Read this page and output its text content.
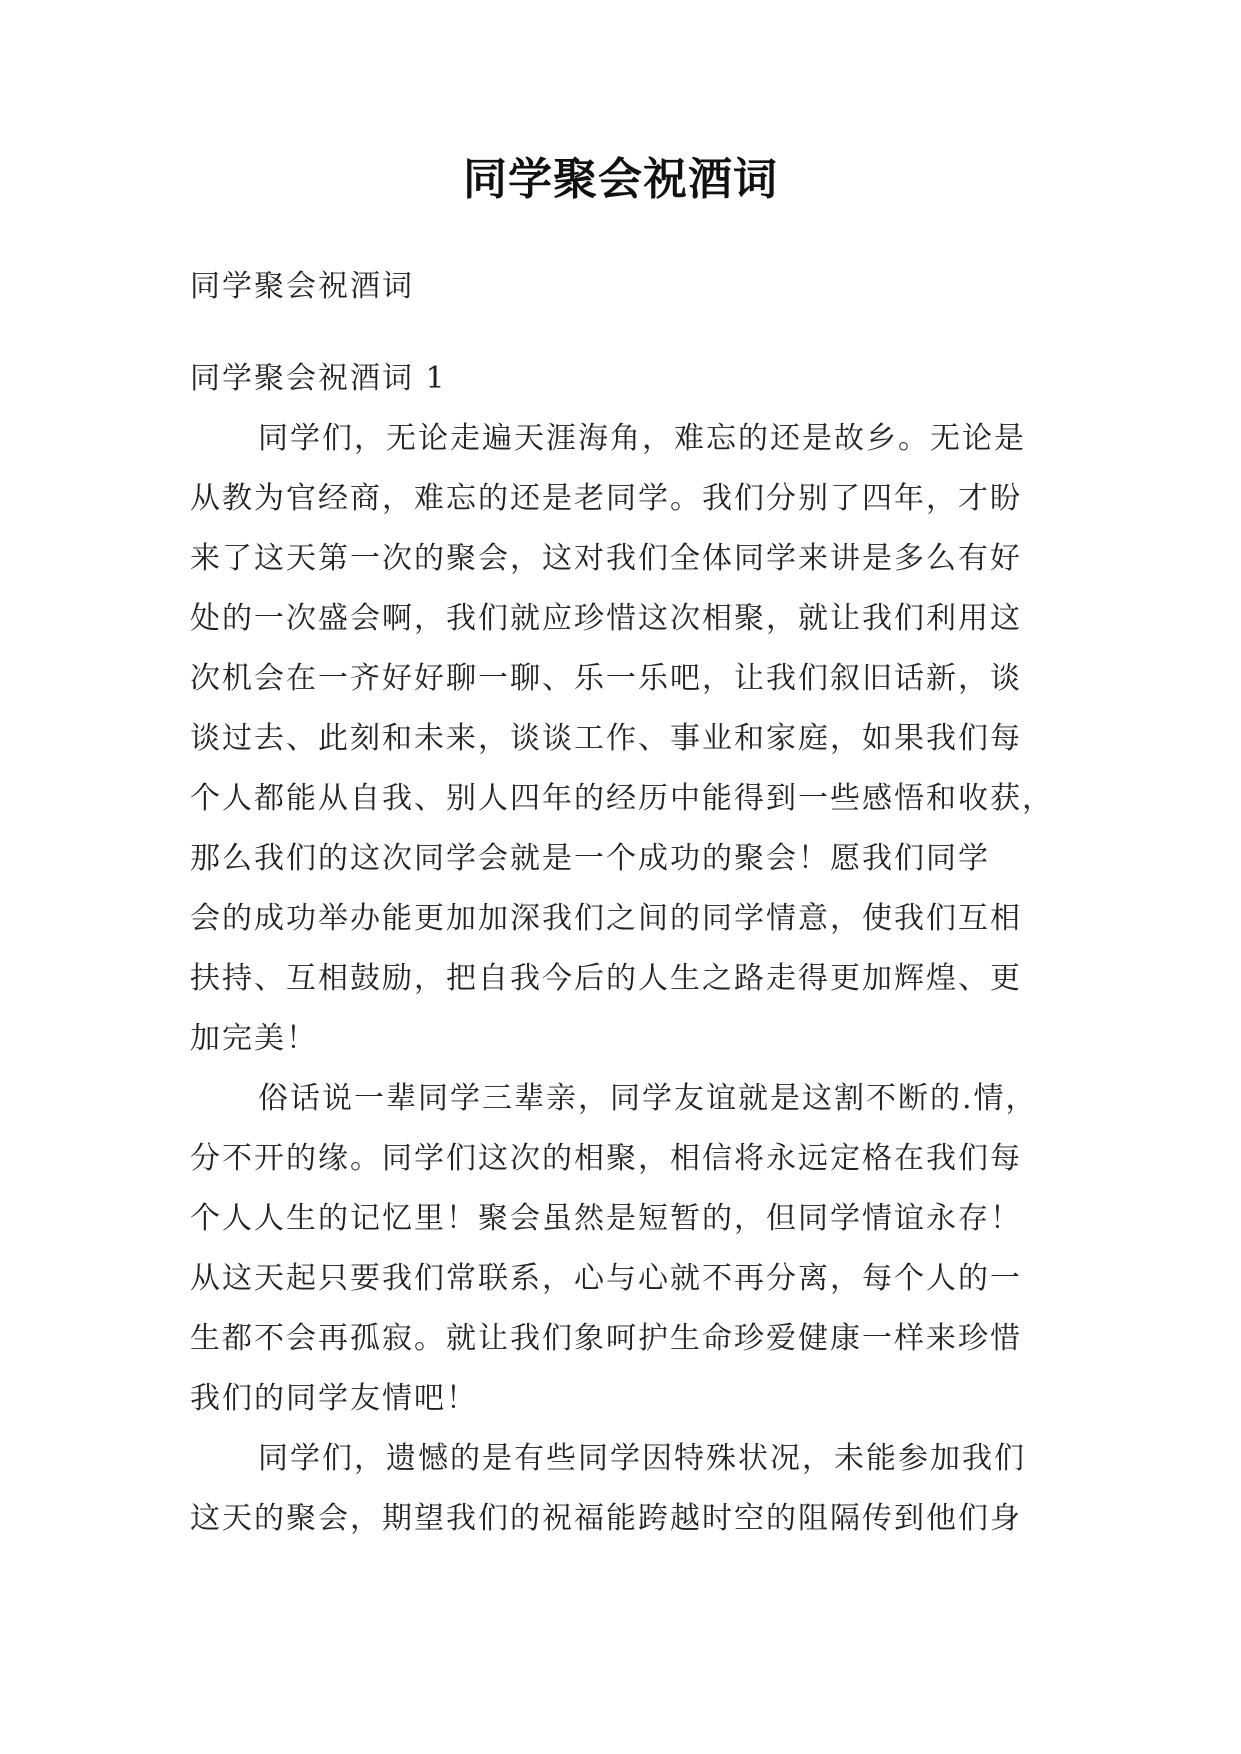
同学聚会祝酒词
同学聚会祝酒词
同学聚会祝酒词 1
同学们，无论走遍天涯海角，难忘的还是故乡。无论是
从教为官经商，难忘的还是老同学。我们分别了四年，才盼
来了这天第一次的聚会，这对我们全体同学来讲是多么有好
处的一次盛会啊，我们就应珍惜这次相聚，就让我们利用这
次机会在一齐好好聊一聊、乐一乐吧，让我们叙旧话新，谈
谈过去、此刻和未来，谈谈工作、事业和家庭，如果我们每
个人都能从自我、别人四年的经历中能得到一些感悟和收获，
那么我们的这次同学会就是一个成功的聚会！愿我们同学
会的成功举办能更加加深我们之间的同学情意，使我们互相
扶持、互相鼓励，把自我今后的人生之路走得更加辉煌、更
加完美！
俗话说一辈同学三辈亲，同学友谊就是这割不断的.情，
分不开的缘。同学们这次的相聚，相信将永远定格在我们每
个人人生的记忆里！聚会虽然是短暂的，但同学情谊永存！
从这天起只要我们常联系，心与心就不再分离，每个人的一
生都不会再孤寂。就让我们象呵护生命珍爱健康一样来珍惜
我们的同学友情吧！
同学们，遗憾的是有些同学因特殊状况，未能参加我们
这天的聚会，期望我们的祝福能跨越时空的阻隔传到他们身
